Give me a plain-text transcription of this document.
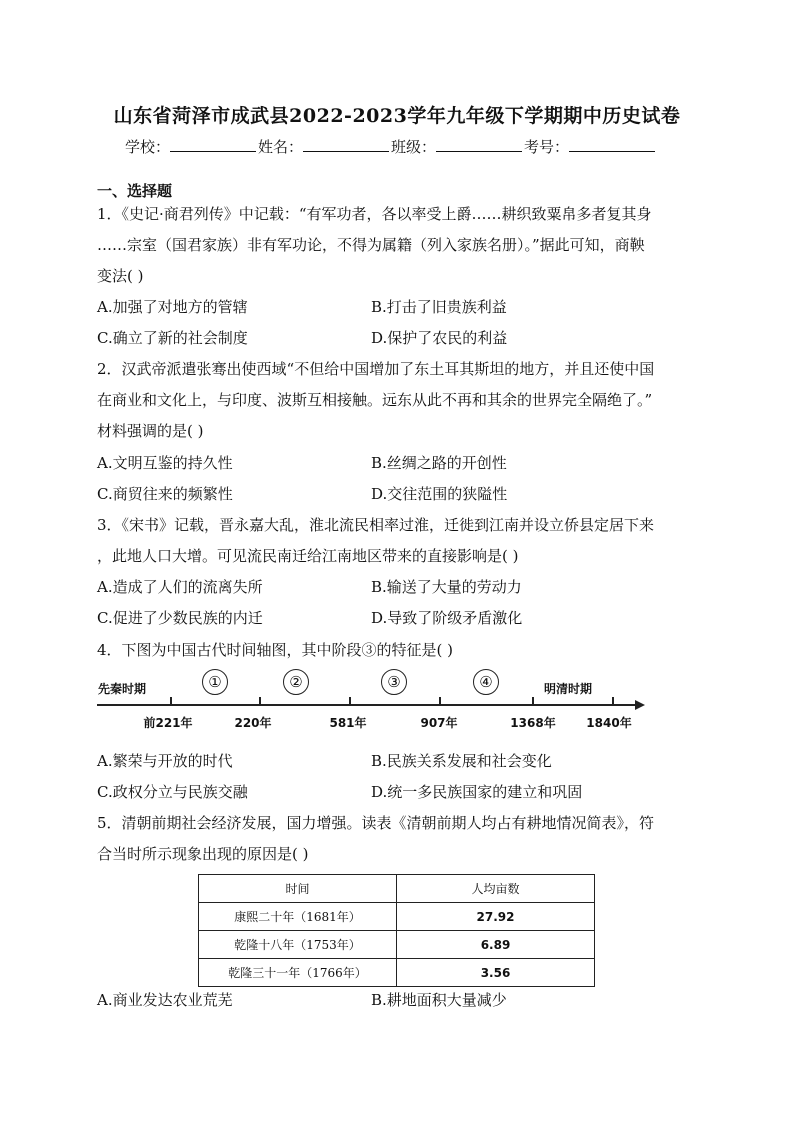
山东省菏泽市成武县2022-2023学年九年级下学期期中历史试卷
学校：	姓名：	班级：	考号：
一、选择题
1．《史记·商君列传》中记载：“有军功者，各以率受上爵……耕织致粟帛多者复其身
……宗室（国君家族）非有军功论，不得为属籍（列入家族名册）。”据此可知，商鞅
变法( )
A.加强了对地方的管辖	B.打击了旧贵族利益
C.确立了新的社会制度	D.保护了农民的利益
2．汉武帝派遣张骞出使西域“不但给中国增加了东土耳其斯坦的地方，并且还使中国
在商业和文化上，与印度、波斯互相接触。远东从此不再和其余的世界完全隔绝了。”
材料强调的是( )
A.文明互鉴的持久性	B.丝绸之路的开创性
C.商贸往来的频繁性	D.交往范围的狭隘性
3．《宋书》记载，晋永嘉大乱，淮北流民相率过淮，迁徙到江南并设立侨县定居下来
，此地人口大增。可见流民南迁给江南地区带来的直接影响是( )
A.造成了人们的流离失所	B.输送了大量的劳动力
C.促进了少数民族的内迁	D.导致了阶级矛盾激化
4．下图为中国古代时间轴图，其中阶段③的特征是( )
先秦时期	明清时期
①	②	③	④
前221年	220年	581年	907年	1368年	1840年
A.繁荣与开放的时代	B.民族关系发展和社会变化
C.政权分立与民族交融	D.统一多民族国家的建立和巩固
5．清朝前期社会经济发展，国力增强。读表《清朝前期人均占有耕地情况简表》，符
合当时所示现象出现的原因是( )
时间	人均亩数
康熙二十年（1681年）	27.92
乾隆十八年（1753年）	6.89
乾隆三十一年（1766年）	3.56
A.商业发达农业荒芜	B.耕地面积大量减少
